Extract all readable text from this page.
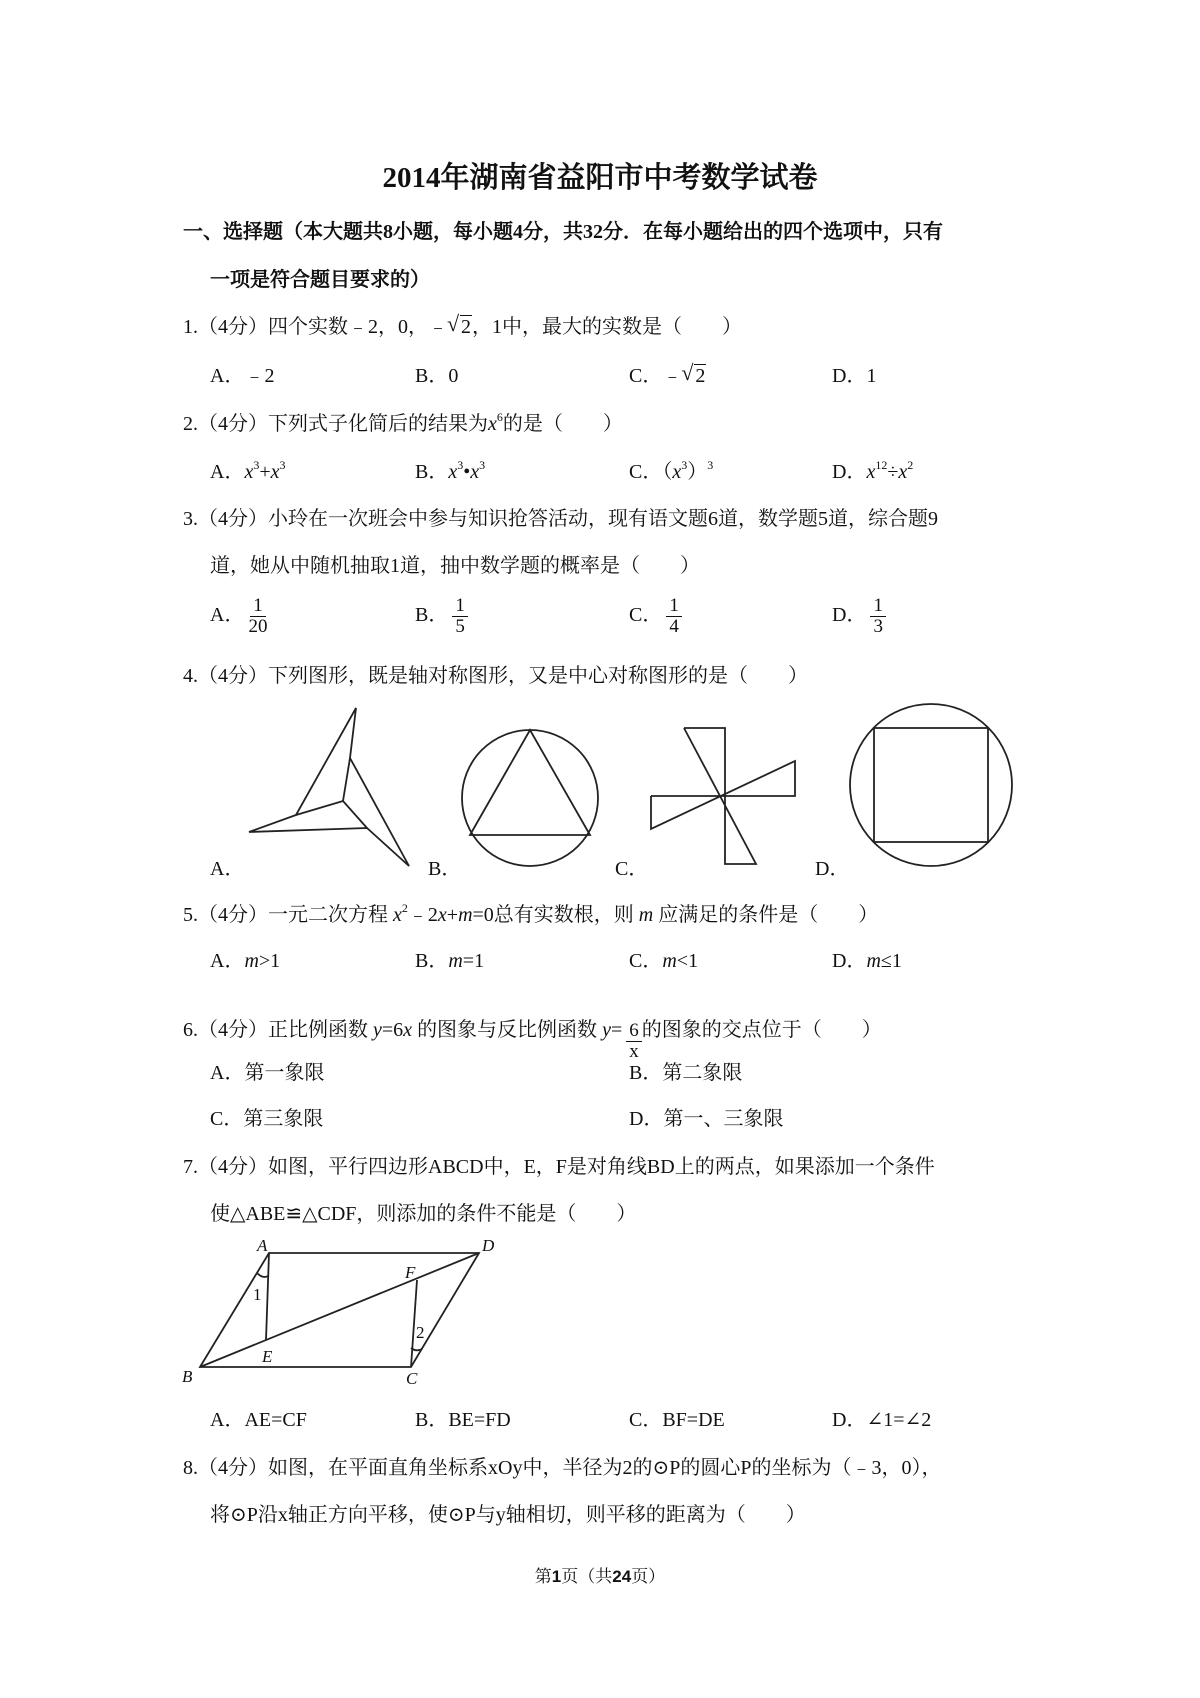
2014年湖南省益阳市中考数学试卷
一、选择题（本大题共8小题，每小题4分，共32分．在每小题给出的四个选项中，只有
一项是符合题目要求的）
1.（4分）四个实数﹣2，0，﹣ √ 2，1中，最大的实数是（　　）
A．﹣2	B．0	C．﹣ √ 2	D．1
2.（4分）下列式子化简后的结果为$x^6$的是（　　）
A．$x^3+x^3$	B．$x^3•x^3$	C．$(x^3)^3$	D．$x^{12}\div x^2$
3.（4分）小玲在一次班会中参与知识抢答活动，现有语文题6道，数学题5道，综合题9
道，她从中随机抽取1道，抽中数学题的概率是（　　）
A． $\frac{1}{20}$	B． $\frac{1}{5}$	C． $\frac{1}{4}$	D． $\frac{1}{3}$
4.（4分）下列图形，既是轴对称图形，又是中心对称图形的是（　　）
A．	B．	C．	D．
5.（4分）一元二次方程 $x^2﹣2x+m=0$总有实数根，则 m 应满足的条件是（　　）
A．m>1	B．m=1	C．m<1	D．m≤1
6.（4分）正比例函数 y=6x 的图象与反比例函数 $y= \frac{6}{x}$ 的图象的交点位于（　　）
A．第一象限	B．第二象限
C．第三象限	D．第一、三象限
7.（4分）如图，平行四边形ABCD中，E，F是对角线BD上的两点，如果添加一个条件
使△ABE≌△CDF，则添加的条件不能是（　　）
A	D
F
1
2
E
B	C
A．AE=CF	B．BE=FD	C．BF=DE	D．∠1=∠2
8.（4分）如图，在平面直角坐标系xOy中，半径为2的⊙P的圆心P的坐标为（﹣3，0），
将⊙P沿x轴正方向平移，使⊙P与y轴相切，则平移的距离为（　　）
第1页（共24页）
